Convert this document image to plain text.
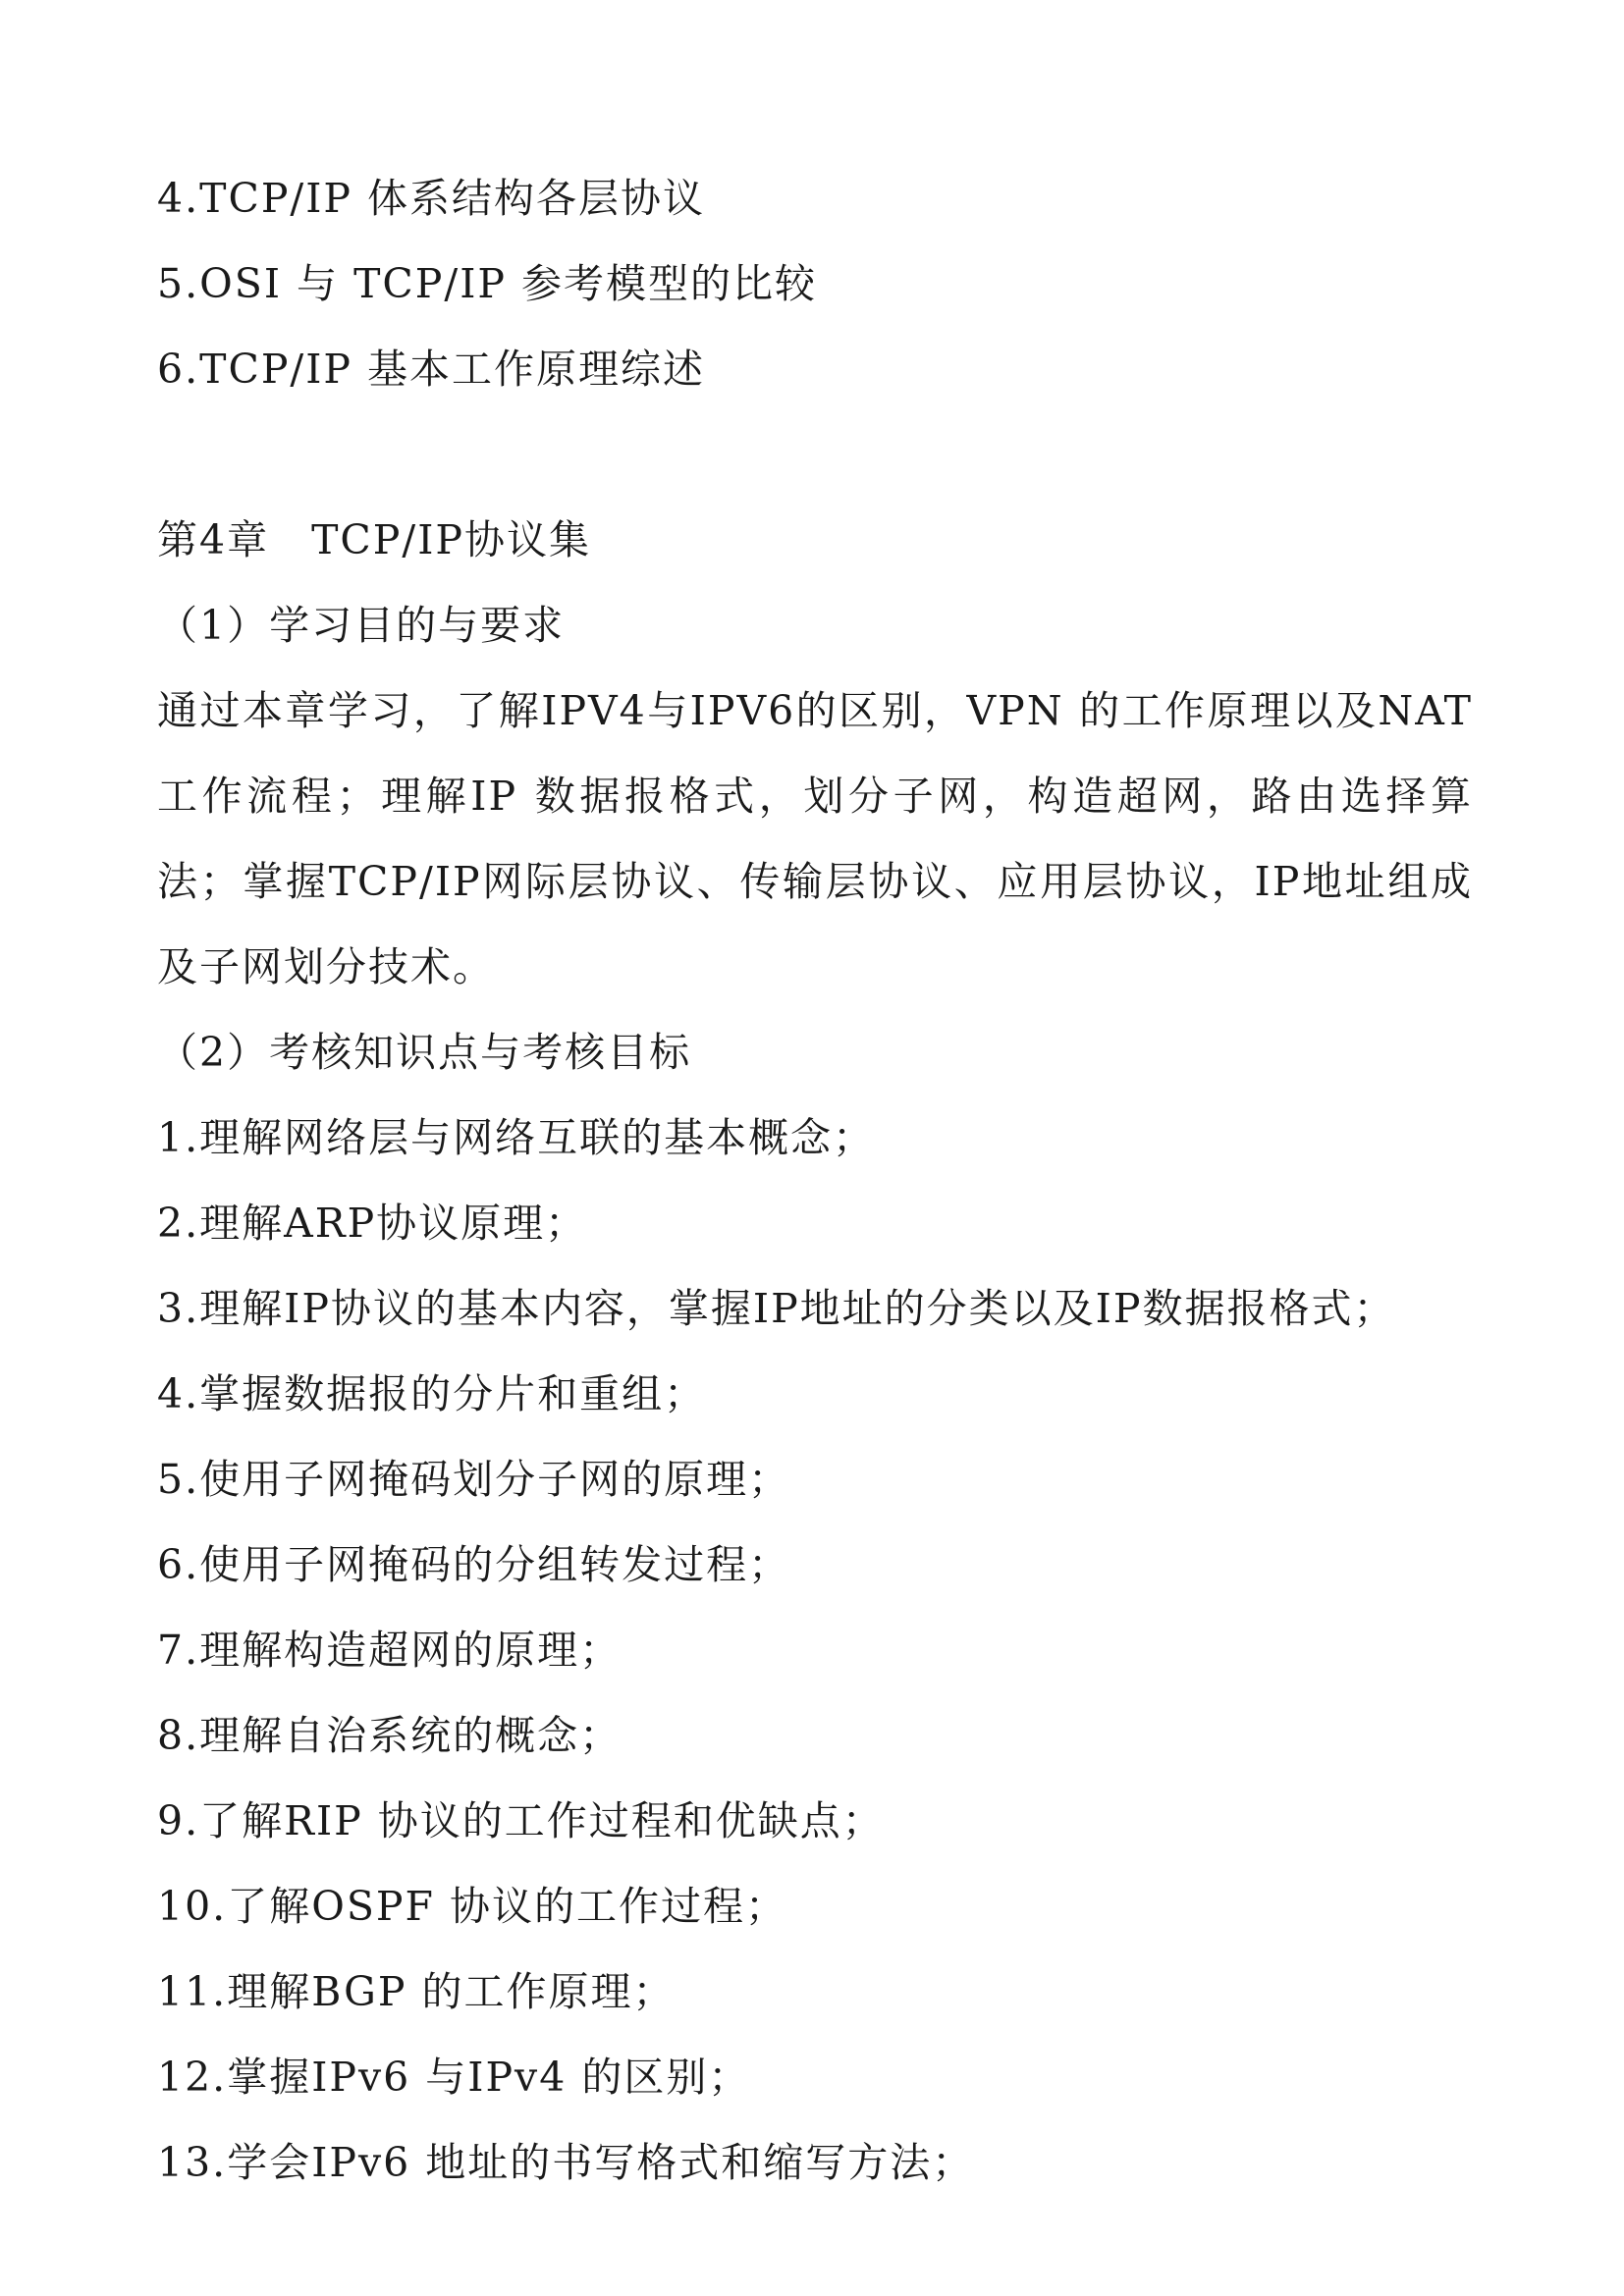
4.TCP/IP 体系结构各层协议
5.OSI 与 TCP/IP 参考模型的比较
6.TCP/IP 基本工作原理综述
第4章　TCP/IP协议集
（1）学习目的与要求
通过本章学习，了解IPV4与IPV6的区别，VPN 的工作原理以及NAT 工作流程；理解IP 数据报格式，划分子网，构造超网，路由选择算法；掌握TCP/IP网际层协议、传输层协议、应用层协议，IP地址组成及子网划分技术。
（2）考核知识点与考核目标
1.理解网络层与网络互联的基本概念；
2.理解ARP协议原理；
3.理解IP协议的基本内容，掌握IP地址的分类以及IP数据报格式；
4.掌握数据报的分片和重组；
5.使用子网掩码划分子网的原理；
6.使用子网掩码的分组转发过程；
7.理解构造超网的原理；
8.理解自治系统的概念；
9.了解RIP 协议的工作过程和优缺点；
10.了解OSPF 协议的工作过程；
11.理解BGP 的工作原理；
12.掌握IPv6 与IPv4 的区别；
13.学会IPv6 地址的书写格式和缩写方法；
